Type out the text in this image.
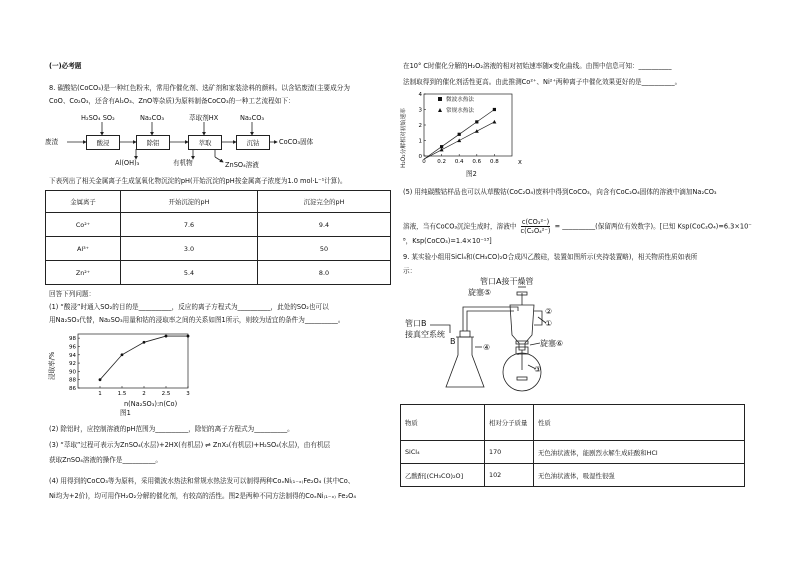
(一)必考题
8. 碳酸钴(CoCO₃)是一种红色粉末，常用作催化剂、选矿剂和家装涂料的颜料。以含钴废渣(主要成分为
CoO、Co₂O₃，还含有Al₂O₃、ZnO等杂质)为原料制备CoCO₃的一种工艺流程如下：
废渣	酸浸	除铝	萃取	沉钴	CoCO₃固体
H₂SO₄ SO₂	Na₂CO₃	萃取剂HX	Na₂CO₃
Al(OH)₃	有机物	ZnSO₄溶液
下表列出了相关金属离子生成氢氧化物沉淀的pH(开始沉淀的pH按金属离子浓度为1.0 mol·L⁻¹计算)。
金属离子	开始沉淀的pH	沉淀完全的pH
Co²⁺	7.6	9.4
Al³⁺	3.0	50
Zn²⁺	5.4	8.0
回答下列问题：
(1) “酸浸”时通入SO₂的目的是__________，反应的离子方程式为__________，此处的SO₂也可以
用Na₂SO₃代替，Na₂SO₃用量和钴的浸取率之间的关系如图1所示，则较为适宜的条件为__________。
1	1.5	2	2.5	3
86
88
90
92
94
96
98
浸取率/%
n(Na₂SO₃):n(Co)
图1
(2) 除铝时，应控制溶液的pH范围为__________，除铝的离子方程式为__________。
(3) “萃取”过程可表示为ZnSO₄(水层)+2HX(有机层) ⇌ ZnX₂(有机层)+H₂SO₄(水层)，由有机层
获取ZnSO₄溶液的操作是__________。
(4) 用得到的CoCO₃等为原料，采用微波水热法和常规水热法发可以制得两种CoₓNi₍₁₋ₓ₎Fe₂O₄ (其中Co、
Ni均为+2价)，均可用作H₂O₂分解的催化剂，有较高的活性。图2是两种不同方法制得的CoₓNi₍₁₋ₓ₎ Fe₂O₄
在10° C时催化分解的H₂O₂溶液的相对初始速率随x变化曲线。由图中信息可知：__________
法制取得到的催化剂活性更高。由此推测Co²⁺、Ni²⁺两种离子中催化效果更好的是__________。
0 0.2 0.4 0.6 0.8
0
1
2
3
4
H₂O₂分解相对初始速率	x
图2
微波水热法
常规水热法
(5) 用纯碳酸钴样品也可以从草酸钴(CoC₂O₄)废料中得到CoCO₃，向含有CoC₂O₄固体的溶液中滴加Na₂CO₃
溶液，当有CoCO₃沉淀生成时，溶液中 $\frac{\text{c(CO₃²⁻)}}{\text{c(C₂O₄²⁻)}}$ = __________(保留两位有效数字)。[已知 Ksp(CoC₂O₄)=6.3×10⁻
⁸，Ksp(CoCO₃)=1.4×10⁻¹³]
9. 某实验小组用SiCl₄和(CH₃CO)₂O合成四乙酸硅，装置如图所示(夹持装置略)，相关物质性质如表所
示：
管口A接干燥管
旋塞⑤
管口B
接真空系统
B
①
②
③
④	旋塞⑥
物质	相对分子质量	性质
SiCl₄	170	无色油状液体，能剧烈水解生成硅酸和HCl
乙酸酐[(CH₃CO)₂O]	102	无色油状液体，吸湿性很强
